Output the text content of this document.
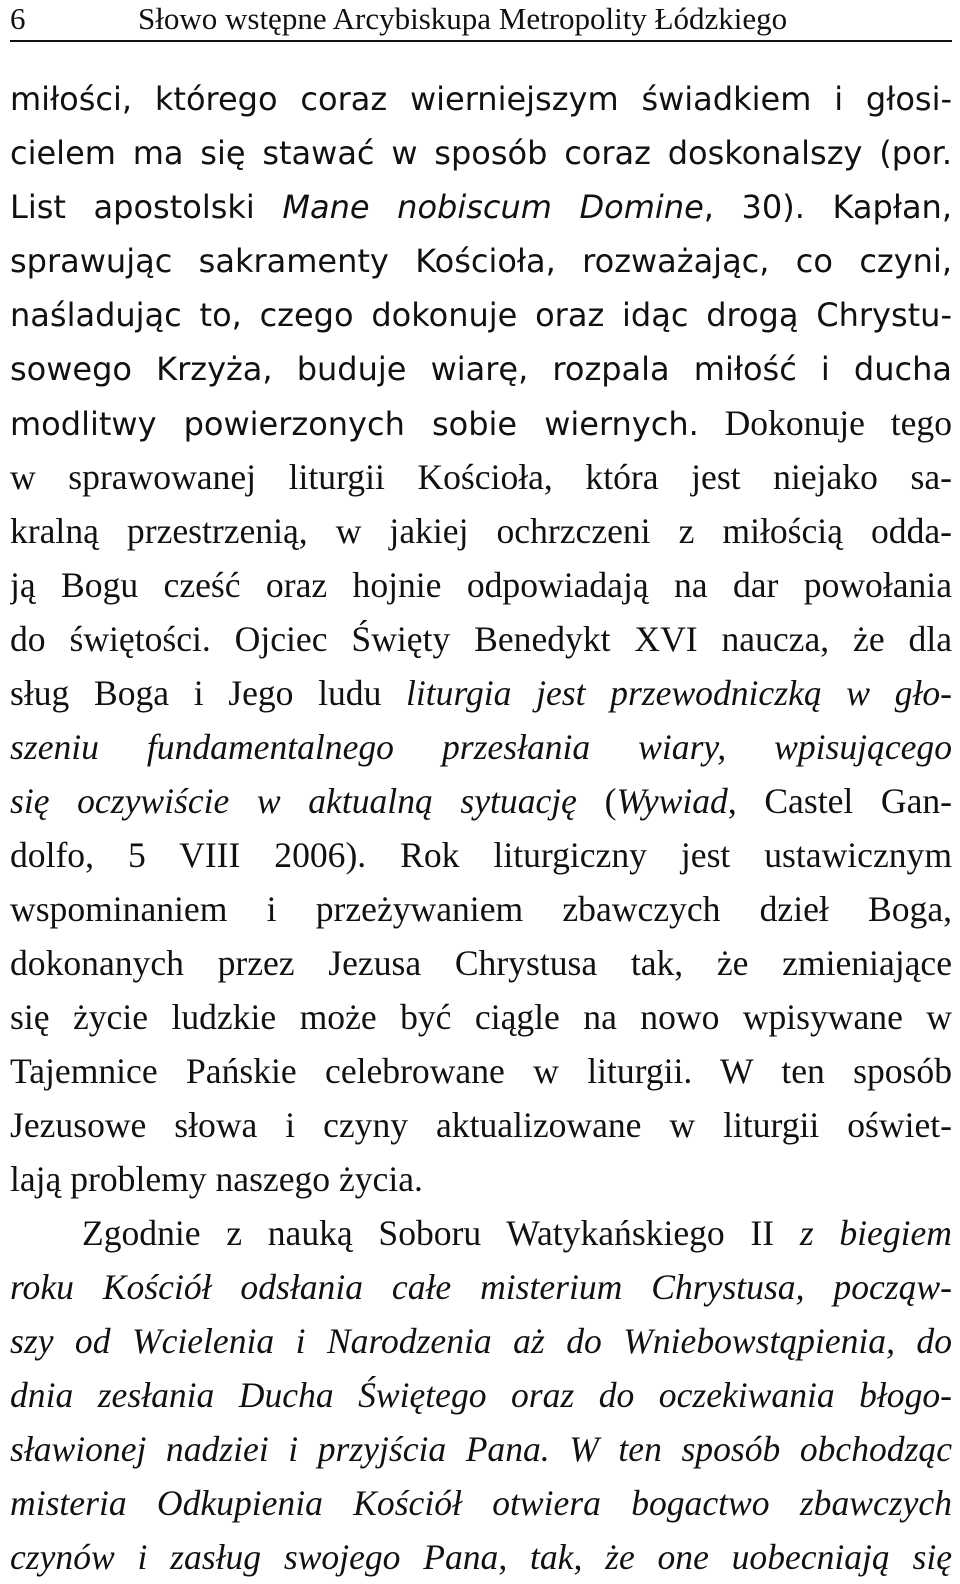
6	Słowo wstępne Arcybiskupa Metropolity Łódzkiego
miłości, którego coraz wierniejszym świadkiem i głosi-
cielem ma się stawać w sposób coraz doskonalszy (por.
List apostolski Mane nobiscum Domine, 30). Kapłan,
sprawując sakramenty Kościoła, rozważając, co czyni,
naśladując to, czego dokonuje oraz idąc drogą Chrystu-
sowego Krzyża, buduje wiarę, rozpala miłość i ducha
modlitwy powierzonych sobie wiernych. Dokonuje tego
w sprawowanej liturgii Kościoła, która jest niejako sa-
kralną przestrzenią, w jakiej ochrzczeni z miłością odda-
ją Bogu cześć oraz hojnie odpowiadają na dar powołania
do świętości. Ojciec Święty Benedykt XVI naucza, że dla
sług Boga i Jego ludu liturgia jest przewodniczką w gło-
szeniu fundamentalnego przesłania wiary, wpisującego
się oczywiście w aktualną sytuację (Wywiad, Castel Gan-
dolfo, 5 VIII 2006). Rok liturgiczny jest ustawicznym
wspominaniem i przeżywaniem zbawczych dzieł Boga,
dokonanych przez Jezusa Chrystusa tak, że zmieniające
się życie ludzkie może być ciągle na nowo wpisywane w
Tajemnice Pańskie celebrowane w liturgii. W ten sposób
Jezusowe słowa i czyny aktualizowane w liturgii oświet-
lają problemy naszego życia.
Zgodnie z nauką Soboru Watykańskiego II z biegiem
roku Kościół odsłania całe misterium Chrystusa, począw-
szy od Wcielenia i Narodzenia aż do Wniebowstąpienia, do
dnia zesłania Ducha Świętego oraz do oczekiwania błogo-
sławionej nadziei i przyjścia Pana. W ten sposób obchodząc
misteria Odkupienia Kościół otwiera bogactwo zbawczych
czynów i zasług swojego Pana, tak, że one uobecniają się
